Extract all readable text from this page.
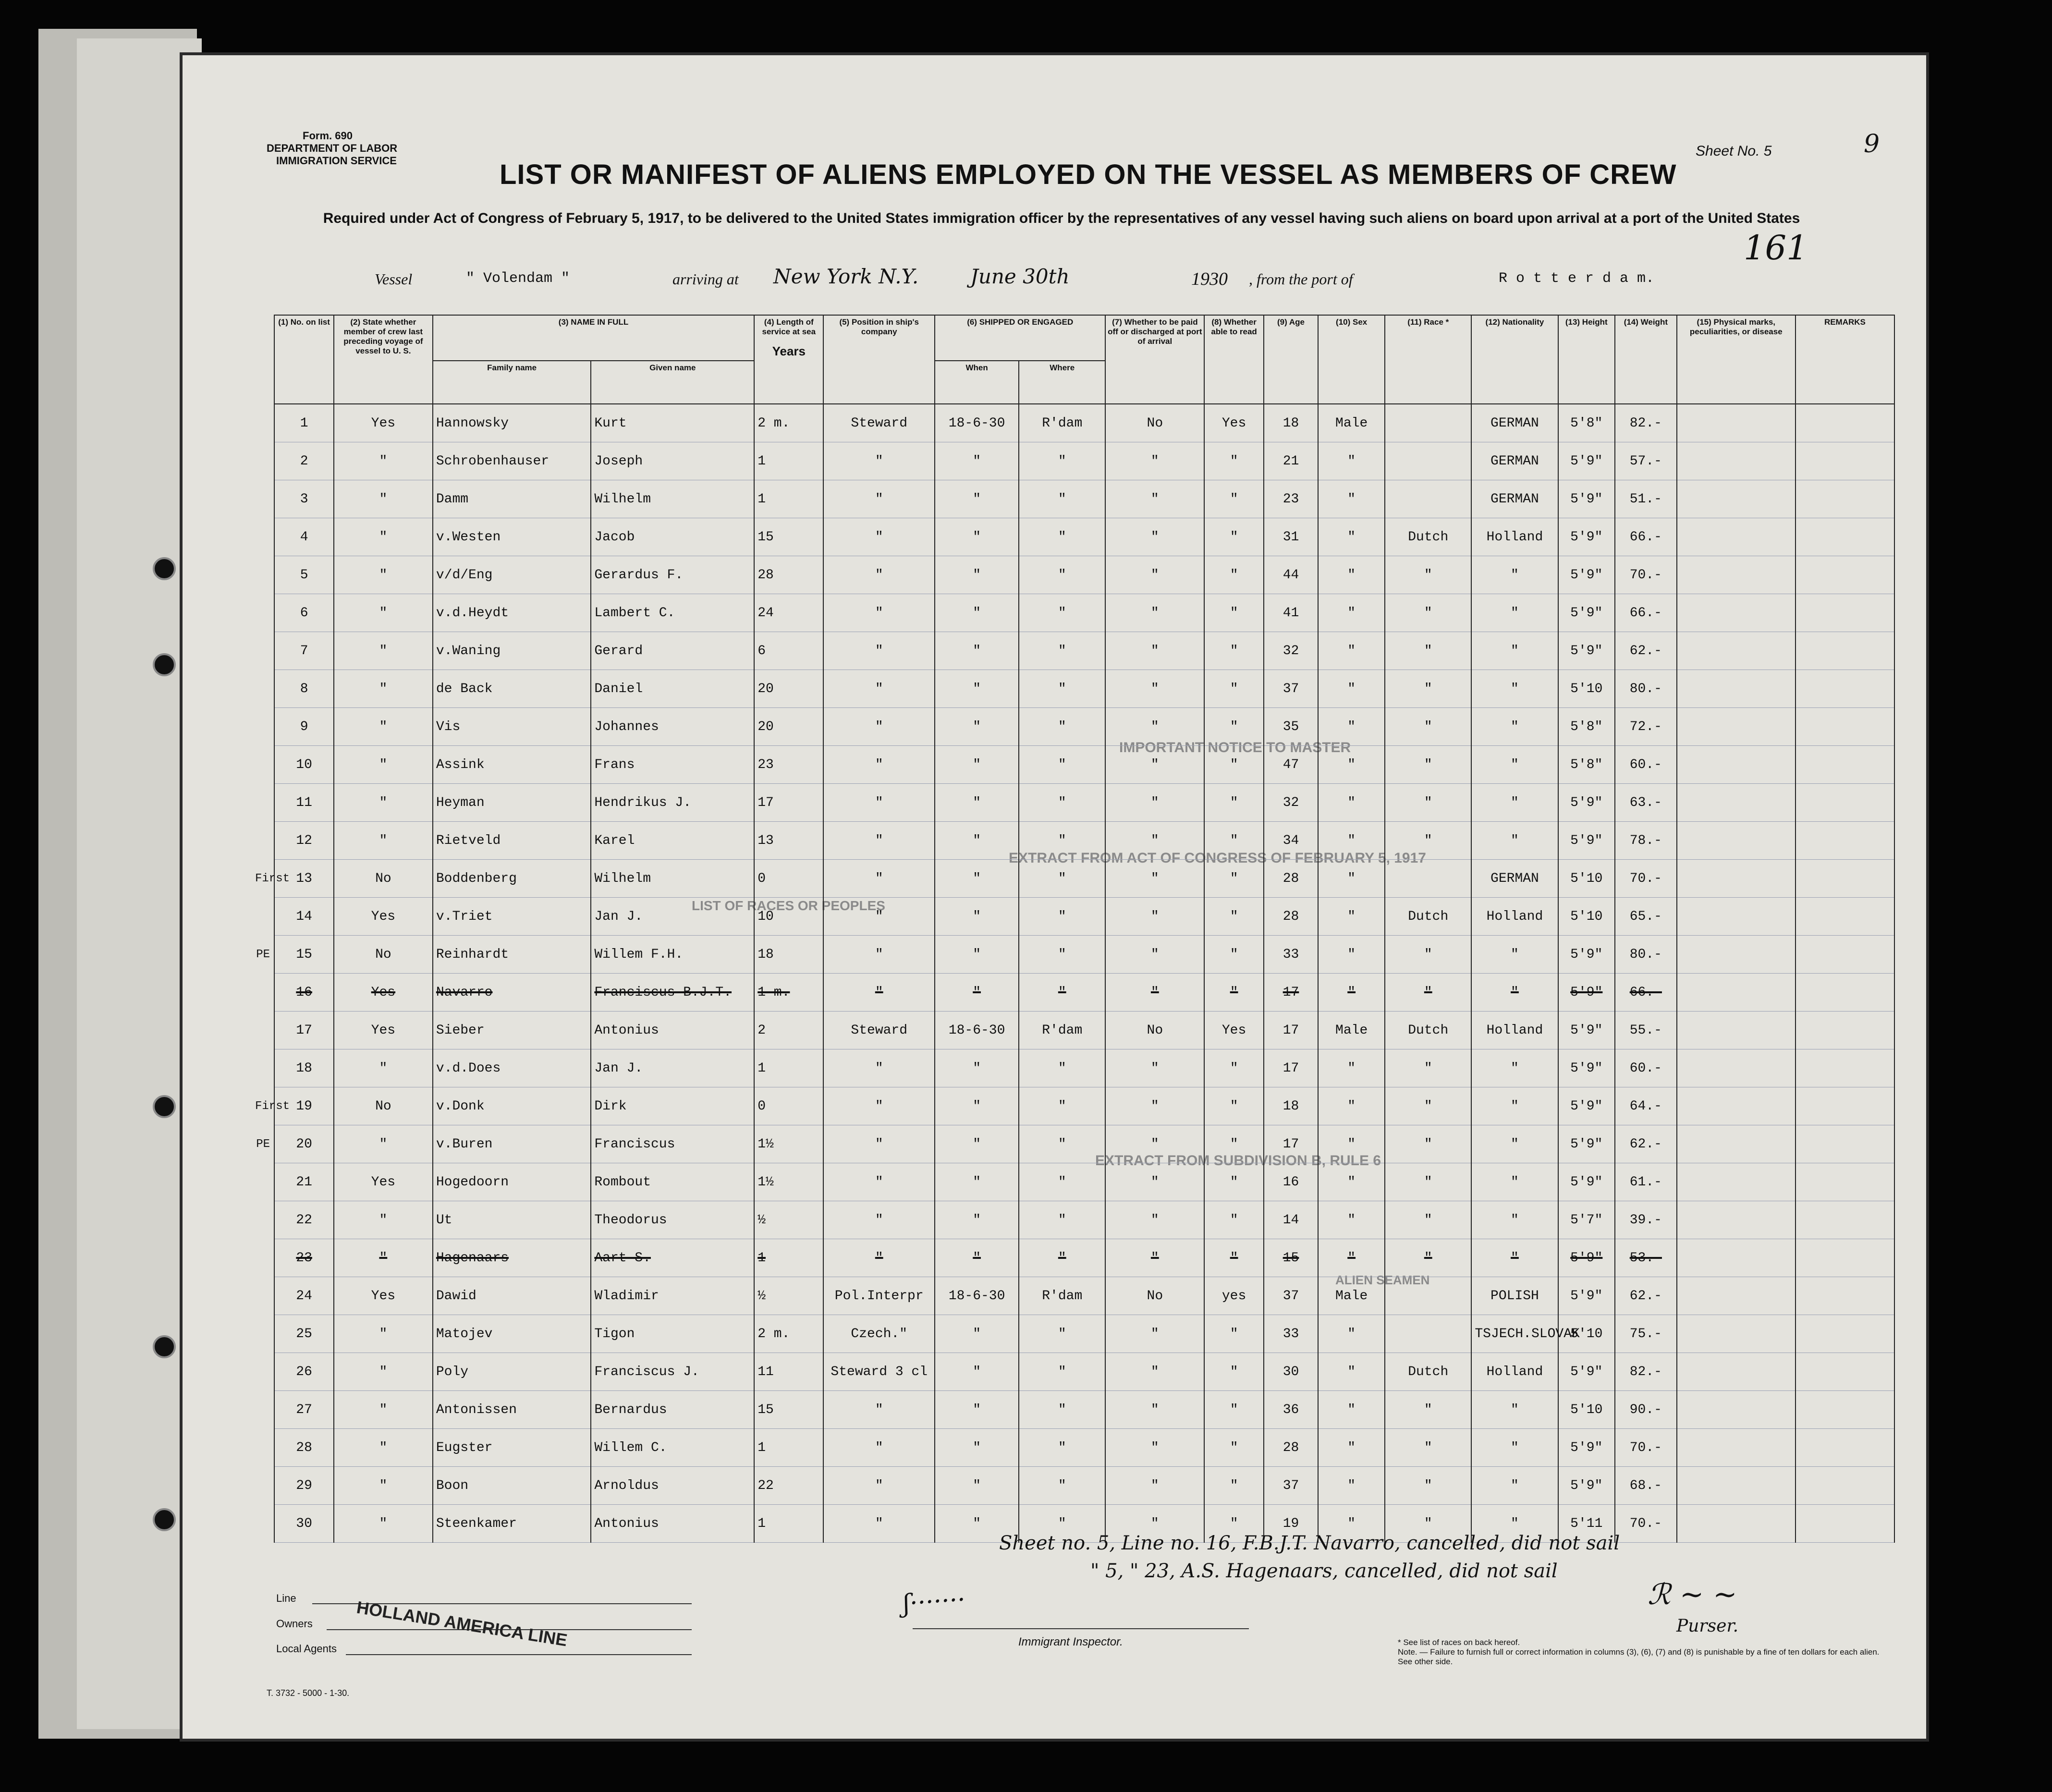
Form. 690
DEPARTMENT OF LABOR
IMMIGRATION SERVICE
Sheet No. 5	9
LIST OR MANIFEST OF ALIENS EMPLOYED ON THE VESSEL AS MEMBERS OF CREW
Required under Act of Congress of February 5, 1917, to be delivered to the United States immigration officer by the representatives of any vessel having such aliens on board upon arrival at a port of the United States
161
Vessel	" Volendam "	arriving at New York N.Y.	June 30th	1930 , from the port of	R o t t e r d a m.
IMPORTANT NOTICE TO MASTER
EXTRACT FROM ACT OF CONGRESS OF FEBRUARY 5, 1917
LIST OF RACES OR PEOPLES
EXTRACT FROM SUBDIVISION B, RULE 6
ALIEN SEAMEN
	(1) No. on list	(2) State whether member of crew last preceding voyage of vessel to U. S.	(3) NAME IN FULL		(4) Length of service at sea

Years	(5) Position in ship's company	(6) SHIPPED OR ENGAGED		(7) Whether to be paid off or discharged at port of arrival	(8) Whether able to read	(9) Age	(10) Sex	(11) Race *	(12) Nationality	(13) Height	(14) Weight	(15) Physical marks, peculiarities, or disease	REMARKS
			Family name	Given name			When	Where										
	1	Yes	Hannowsky	Kurt	2 m.	Steward	18-6-30	R'dam	No	Yes	18	Male		GERMAN	5'8"	82.-		
	2	"	Schrobenhauser	Joseph	1	"	"	"	"	"	21	"		GERMAN	5'9"	57.-		
	3	"	Damm	Wilhelm	1	"	"	"	"	"	23	"		GERMAN	5'9"	51.-		
	4	"	v.Westen	Jacob	15	"	"	"	"	"	31	"	Dutch	Holland	5'9"	66.-		
	5	"	v/d/Eng	Gerardus F.	28	"	"	"	"	"	44	"	"	"	5'9"	70.-		
	6	"	v.d.Heydt	Lambert C.	24	"	"	"	"	"	41	"	"	"	5'9"	66.-		
	7	"	v.Waning	Gerard	6	"	"	"	"	"	32	"	"	"	5'9"	62.-		
	8	"	de Back	Daniel	20	"	"	"	"	"	37	"	"	"	5'10	80.-		
	9	"	Vis	Johannes	20	"	"	"	"	"	35	"	"	"	5'8"	72.-		
	10	"	Assink	Frans	23	"	"	"	"	"	47	"	"	"	5'8"	60.-		
	11	"	Heyman	Hendrikus J.	17	"	"	"	"	"	32	"	"	"	5'9"	63.-		
	12	"	Rietveld	Karel	13	"	"	"	"	"	34	"	"	"	5'9"	78.-		
First	13	No	Boddenberg	Wilhelm	0	"	"	"	"	"	28	"		GERMAN	5'10	70.-		
	14	Yes	v.Triet	Jan J.	10	"	"	"	"	"	28	"	Dutch	Holland	5'10	65.-		
PE	15	No	Reinhardt	Willem F.H.	18	"	"	"	"	"	33	"	"	"	5'9"	80.-		
	16	Yes	Navarro	Franciscus B.J.T.	1 m.	"	"	"	"	"	17	"	"	"	5'9"	66.-		
	17	Yes	Sieber	Antonius	2	Steward	18-6-30	R'dam	No	Yes	17	Male	Dutch	Holland	5'9"	55.-		
	18	"	v.d.Does	Jan J.	1	"	"	"	"	"	17	"	"	"	5'9"	60.-		
First	19	No	v.Donk	Dirk	0	"	"	"	"	"	18	"	"	"	5'9"	64.-		
PE	20	"	v.Buren	Franciscus	1½	"	"	"	"	"	17	"	"	"	5'9"	62.-		
	21	Yes	Hogedoorn	Rombout	1½	"	"	"	"	"	16	"	"	"	5'9"	61.-		
	22	"	Ut	Theodorus	½	"	"	"	"	"	14	"	"	"	5'7"	39.-		
	23	"	Hagenaars	Aart S.	1	"	"	"	"	"	15	"	"	"	5'9"	53.-		
	24	Yes	Dawid	Wladimir	½	Pol.Interpr	18-6-30	R'dam	No	yes	37	Male		POLISH	5'9"	62.-		
	25	"	Matojev	Tigon	2 m.	Czech."	"	"	"	"	33	"		TSJECH.SLOVAK	5'10	75.-		
	26	"	Poly	Franciscus J.	11	Steward 3 cl	"	"	"	"	30	"	Dutch	Holland	5'9"	82.-		
	27	"	Antonissen	Bernardus	15	"	"	"	"	"	36	"	"	"	5'10	90.-		
	28	"	Eugster	Willem C.	1	"	"	"	"	"	28	"	"	"	5'9"	70.-		
	29	"	Boon	Arnoldus	22	"	"	"	"	"	37	"	"	"	5'9"	68.-		
	30	"	Steenkamer	Antonius	1	"	"	"	"	"	19	"	"	"	5'11	70.-		
Sheet no. 5, Line no. 16, F.B.J.T. Navarro, cancelled, did not sail
" 5, " 23, A.S. Hagenaars, cancelled, did not sail
Line
Owners
Local Agents HOLLAND AMERICA LINE
T. 3732 - 5000 - 1-30.
ʃ·······
Immigrant Inspector.
ℛ ~ ~
Purser.
* See list of races on back hereof.
Note. — Failure to furnish full or correct information in columns (3), (6), (7) and (8) is punishable by a fine of ten dollars for each alien. See other side.
